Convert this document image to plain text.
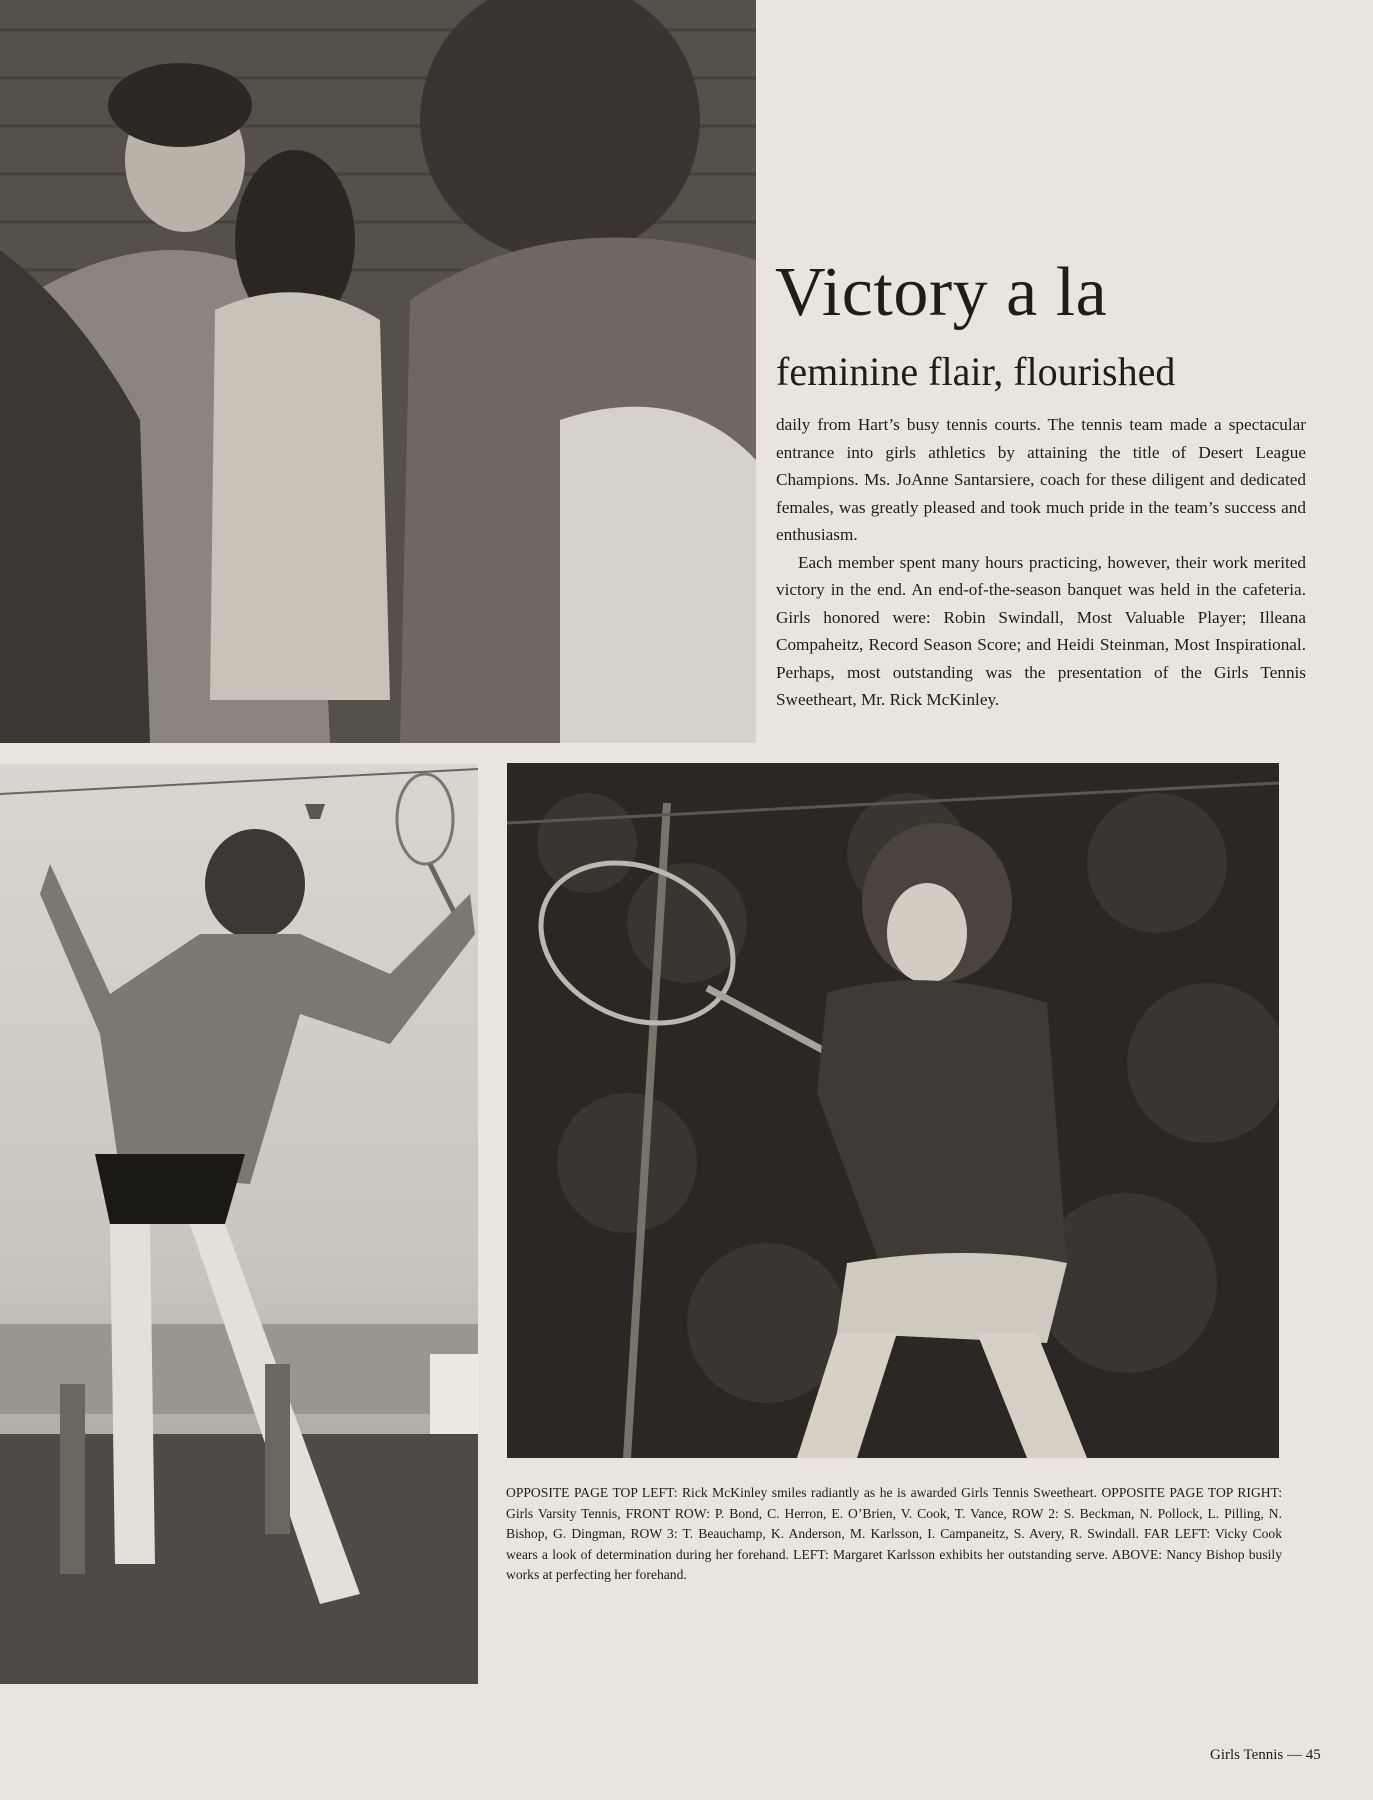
Victory a la
feminine flair, flourished

daily from Hart’s busy tennis courts. The tennis team made a spectacular entrance into girls athletics by attaining the title of Desert League Champions. Ms. JoAnne Santarsiere, coach for these diligent and dedicated females, was greatly pleased and took much pride in the team’s success and enthusiasm.

Each member spent many hours practicing, however, their work merited victory in the end. An end-of-the-season banquet was held in the cafeteria. Girls honored were: Robin Swindall, Most Valuable Player; Illeana Compaheitz, Record Season Score; and Heidi Steinman, Most Inspirational. Perhaps, most outstanding was the presentation of the Girls Tennis Sweetheart, Mr. Rick McKinley.

OPPOSITE PAGE TOP LEFT: Rick McKinley smiles radiantly as he is awarded Girls Tennis Sweetheart. OPPOSITE PAGE TOP RIGHT: Girls Varsity Tennis, FRONT ROW: P. Bond, C. Herron, E. O’Brien, V. Cook, T. Vance, ROW 2: S. Beckman, N. Pollock, L. Pilling, N. Bishop, G. Dingman, ROW 3: T. Beauchamp, K. Anderson, M. Karlsson, I. Campaneitz, S. Avery, R. Swindall. FAR LEFT: Vicky Cook wears a look of determination during her forehand. LEFT: Margaret Karlsson exhibits her outstanding serve. ABOVE: Nancy Bishop busily works at perfecting her forehand.
Girls Tennis — 45
